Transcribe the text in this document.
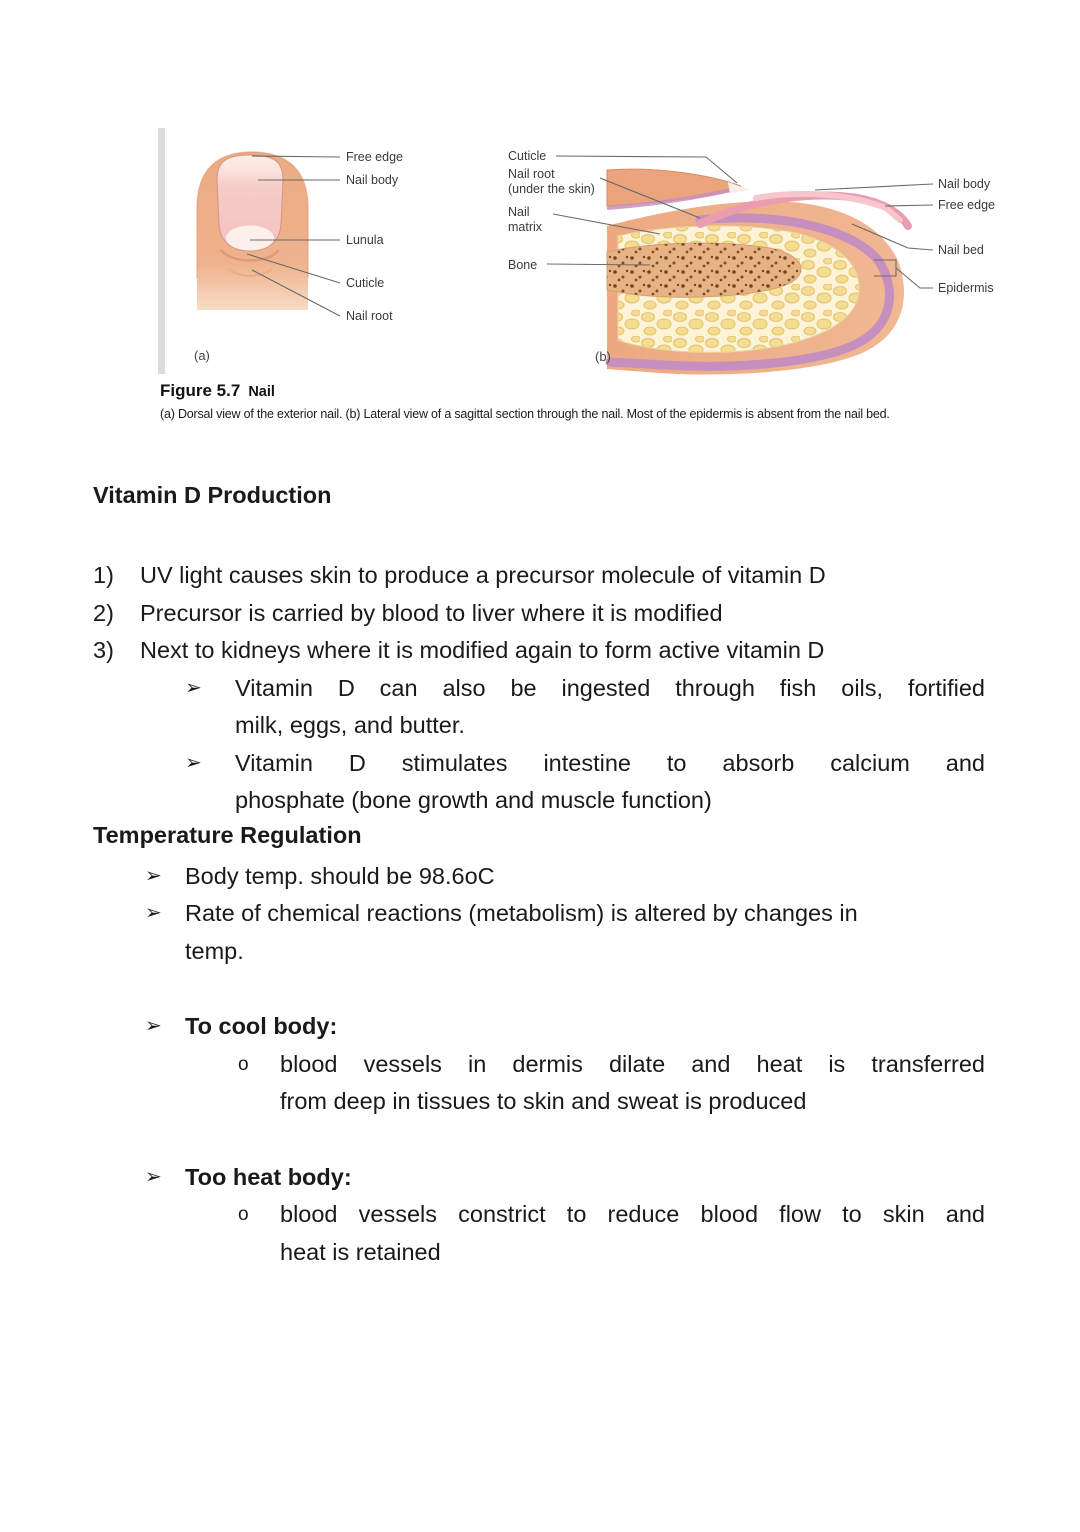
Free edge
Nail body
Lunula
Cuticle
Nail root
(a)
Cuticle
Nail root
(under the skin)
Nail
matrix
Bone
Nail body
Free edge
Nail bed
Epidermis
(b)
Figure 5.7 Nail
(a) Dorsal view of the exterior nail. (b) Lateral view of a sagittal section through the nail. Most of the epidermis is absent from the nail bed.
Vitamin D Production
1)	UV light causes skin to produce a precursor molecule of vitamin D
2)	Precursor is carried by blood to liver where it is modified
3)	Next to kidneys where it is modified again to form active vitamin D
➢	Vitamin D can also be ingested through fish oils, fortified
milk, eggs, and butter.
➢	Vitamin D stimulates intestine to absorb calcium and
phosphate (bone growth and muscle function)
Temperature Regulation
➢ Body temp. should be 98.6oC
➢ Rate of chemical reactions (metabolism) is altered by changes in
temp.
➢ To cool body:
o	blood vessels in dermis dilate and heat is transferred
from deep in tissues to skin and sweat is produced
➢ Too heat body:
o	blood vessels constrict to reduce blood flow to skin and
heat is retained
